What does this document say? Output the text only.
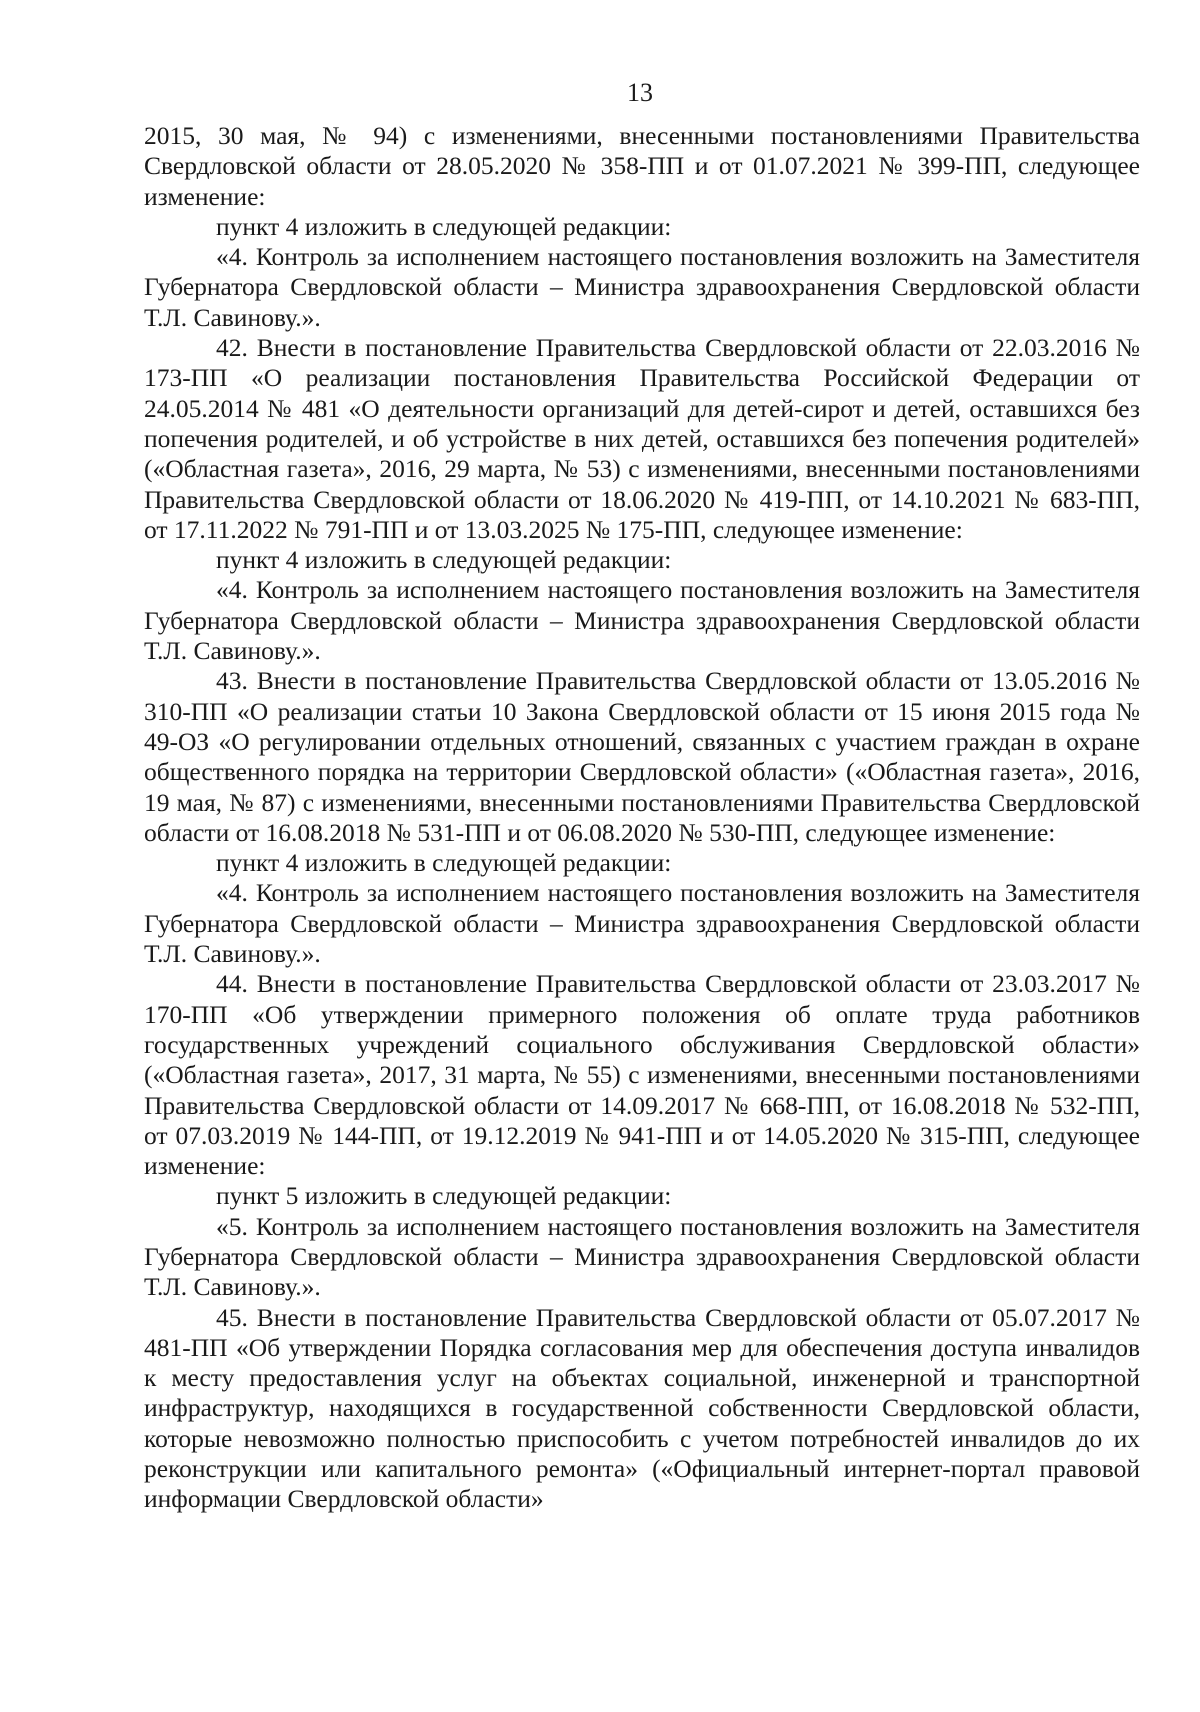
13

2015, 30 мая, № 94) с изменениями, внесенными постановлениями Правительства Свердловской области от 28.05.2020 № 358-ПП и от 01.07.2021 № 399-ПП, следующее изменение:

пункт 4 изложить в следующей редакции:

«4. Контроль за исполнением настоящего постановления возложить на Заместителя Губернатора Свердловской области – Министра здравоохранения Свердловской области Т.Л. Савинову.».

42. Внести в постановление Правительства Свердловской области от 22.03.2016 № 173-ПП «О реализации постановления Правительства Российской Федерации от 24.05.2014 № 481 «О деятельности организаций для детей-сирот и детей, оставшихся без попечения родителей, и об устройстве в них детей, оставшихся без попечения родителей» («Областная газета», 2016, 29 марта, № 53) с изменениями, внесенными постановлениями Правительства Свердловской области от 18.06.2020 № 419-ПП, от 14.10.2021 № 683-ПП, от 17.11.2022 № 791-ПП и от 13.03.2025 № 175-ПП, следующее изменение:

пункт 4 изложить в следующей редакции:

«4. Контроль за исполнением настоящего постановления возложить на Заместителя Губернатора Свердловской области – Министра здравоохранения Свердловской области Т.Л. Савинову.».

43. Внести в постановление Правительства Свердловской области от 13.05.2016 № 310-ПП «О реализации статьи 10 Закона Свердловской области от 15 июня 2015 года № 49-ОЗ «О регулировании отдельных отношений, связанных с участием граждан в охране общественного порядка на территории Свердловской области» («Областная газета», 2016, 19 мая, № 87) с изменениями, внесенными постановлениями Правительства Свердловской области от 16.08.2018 № 531-ПП и от 06.08.2020 № 530-ПП, следующее изменение:

пункт 4 изложить в следующей редакции:

«4. Контроль за исполнением настоящего постановления возложить на Заместителя Губернатора Свердловской области – Министра здравоохранения Свердловской области Т.Л. Савинову.».

44. Внести в постановление Правительства Свердловской области от 23.03.2017 № 170-ПП «Об утверждении примерного положения об оплате труда работников государственных учреждений социального обслуживания Свердловской области» («Областная газета», 2017, 31 марта, № 55) с изменениями, внесенными постановлениями Правительства Свердловской области от 14.09.2017 № 668-ПП, от 16.08.2018 № 532-ПП, от 07.03.2019 № 144-ПП, от 19.12.2019 № 941-ПП и от 14.05.2020 № 315-ПП, следующее изменение:

пункт 5 изложить в следующей редакции:

«5. Контроль за исполнением настоящего постановления возложить на Заместителя Губернатора Свердловской области – Министра здравоохранения Свердловской области Т.Л. Савинову.».

45. Внести в постановление Правительства Свердловской области от 05.07.2017 № 481-ПП «Об утверждении Порядка согласования мер для обеспечения доступа инвалидов к месту предоставления услуг на объектах социальной, инженерной и транспортной инфраструктур, находящихся в государственной собственности Свердловской области, которые невозможно полностью приспособить с учетом потребностей инвалидов до их реконструкции или капитального ремонта» («Официальный интернет-портал правовой информации Свердловской области»
